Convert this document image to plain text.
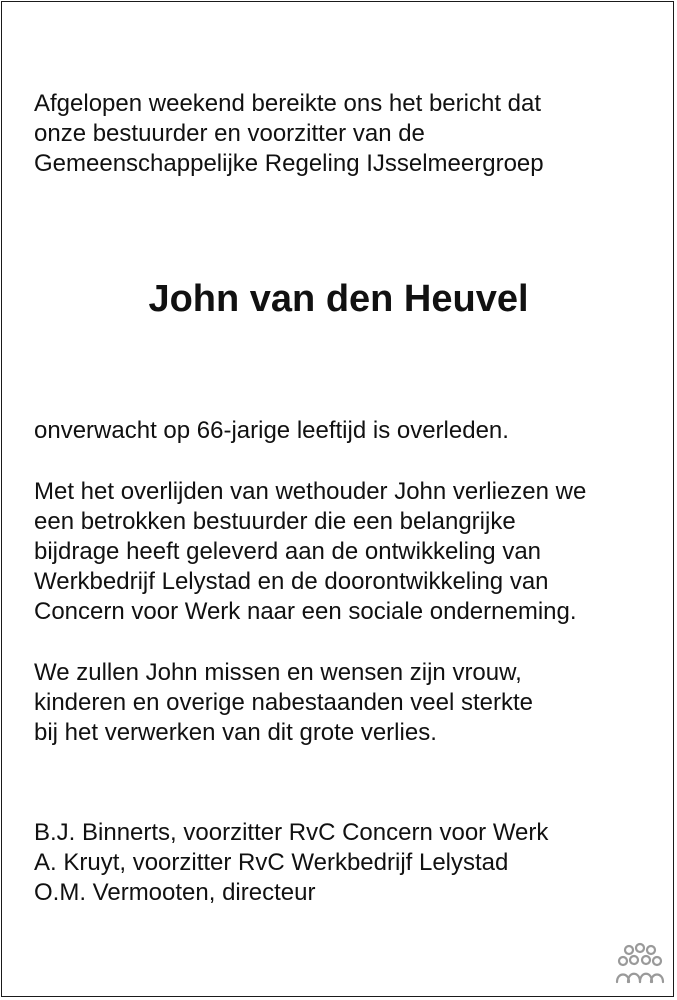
Afgelopen weekend bereikte ons het bericht dat
onze bestuurder en voorzitter van de
Gemeenschappelijke Regeling IJsselmeergroep
John van den Heuvel
onverwacht op 66-jarige leeftijd is overleden.
Met het overlijden van wethouder John verliezen we
een betrokken bestuurder die een belangrijke
bijdrage heeft geleverd aan de ontwikkeling van
Werkbedrijf Lelystad en de doorontwikkeling van
Concern voor Werk naar een sociale onderneming.
We zullen John missen en wensen zijn vrouw,
kinderen en overige nabestaanden veel sterkte
bij het verwerken van dit grote verlies.
B.J. Binnerts, voorzitter RvC Concern voor Werk
A. Kruyt, voorzitter RvC Werkbedrijf Lelystad
O.M. Vermooten, directeur
